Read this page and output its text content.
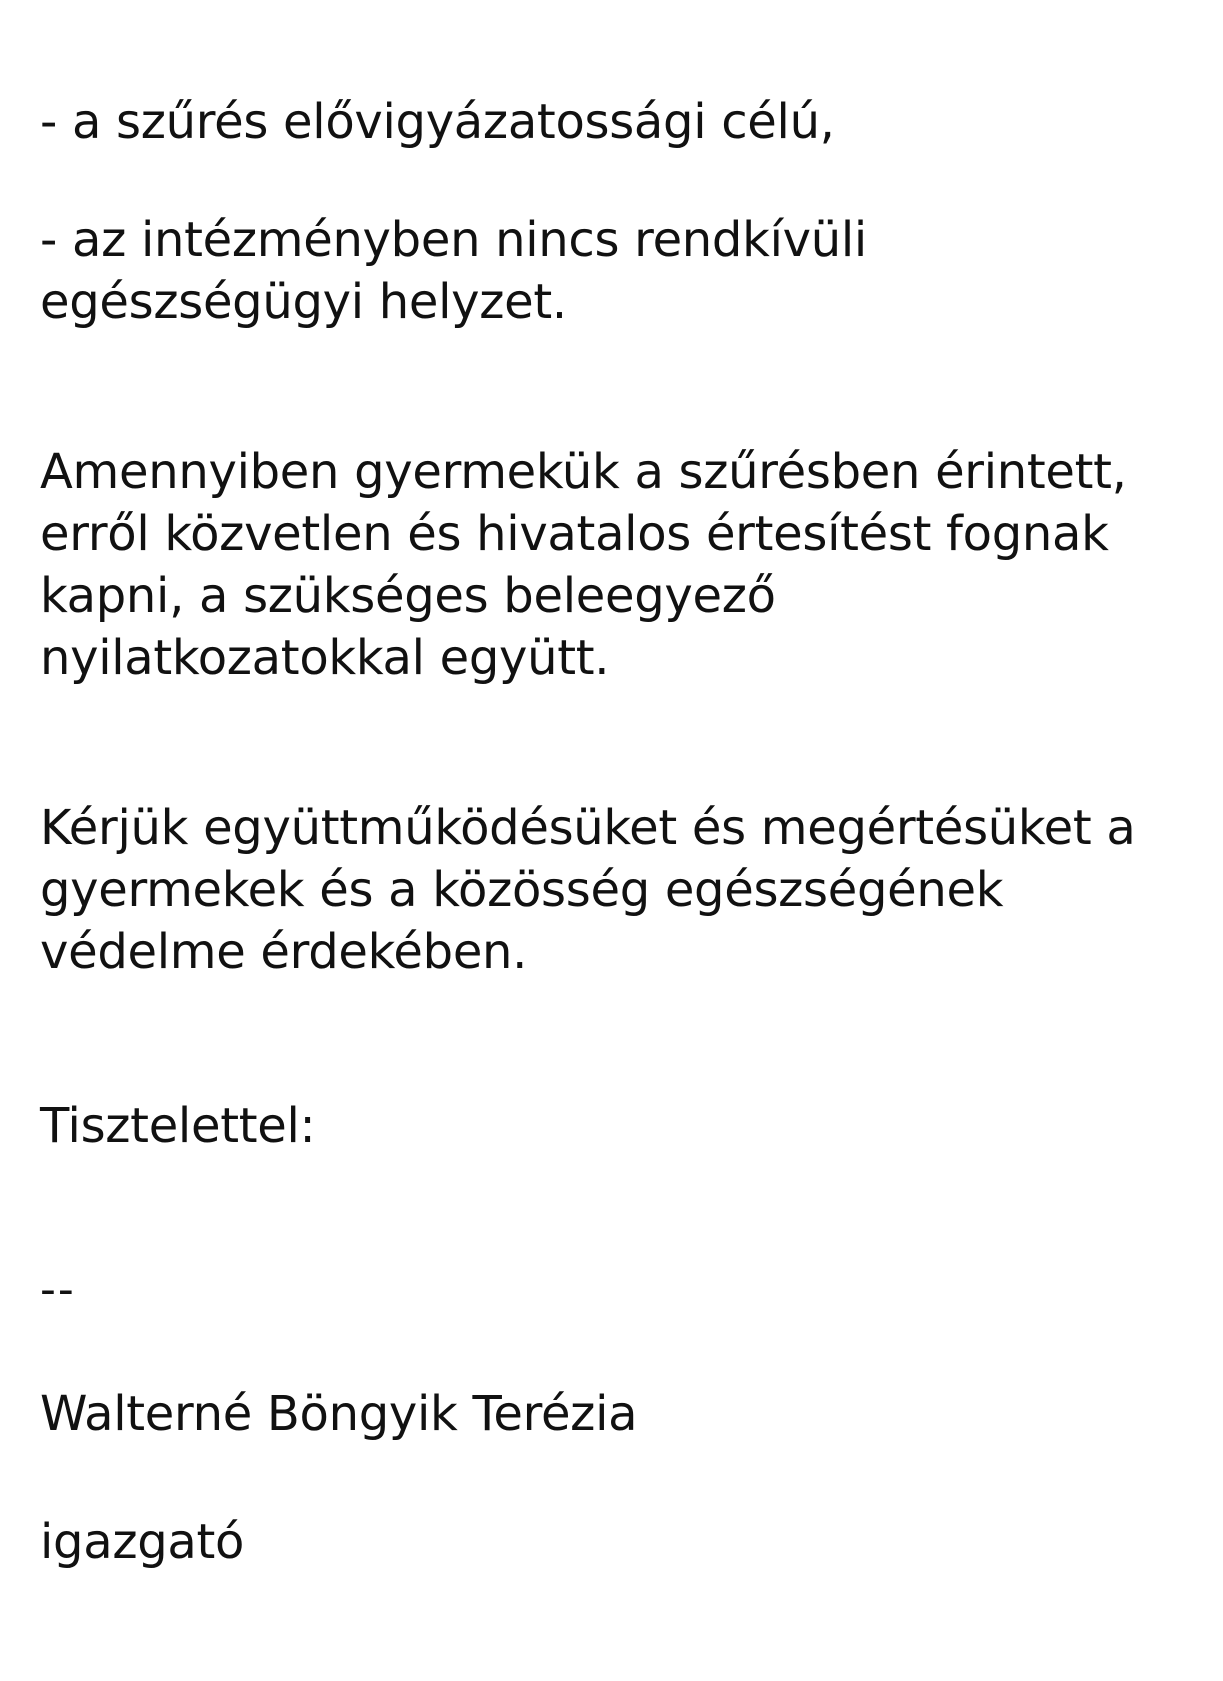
- a szűrés elővigyázatossági célú,
- az intézményben nincs rendkívüli
egészségügyi helyzet.
Amennyiben gyermekük a szűrésben érintett,
erről közvetlen és hivatalos értesítést fognak
kapni, a szükséges beleegyező
nyilatkozatokkal együtt.
Kérjük együttműködésüket és megértésüket a
gyermekek és a közösség egészségének
védelme érdekében.
Tisztelettel:
--
Walterné Böngyik Terézia
igazgató
